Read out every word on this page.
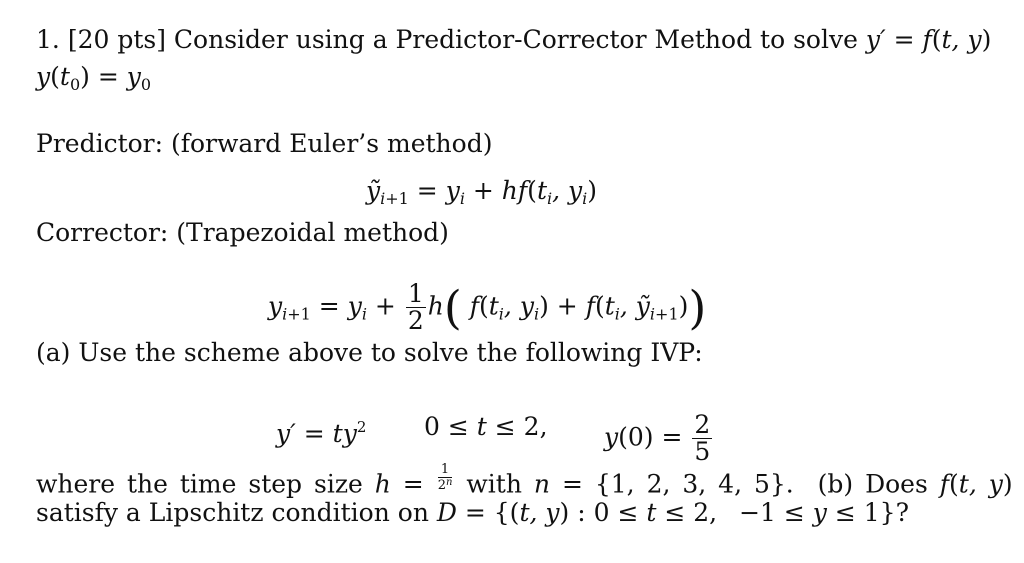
1. [20 pts] Consider using a Predictor-Corrector Method to solve y′ = f(t, y)
$y(t_0) = y_0$
Predictor: (forward Euler’s method)
ỹ$_{i+1}$ = $y_i + hf(t_i$, $y_i$)
Corrector: (Trapezoidal method)
$y_{i+1} = y_i + \frac{1}{2} h$( $f(t_i$, $y_i) + f(t_i$, ỹ$_{i+1}$))
(a) Use the scheme above to solve the following IVP:
$y' = ty^2$ 0 ≤ t ≤ 2, $y(0) = \frac{2}{5}$
where the time step size $h = \frac{1}{2^n}$ with n = {1, 2, 3, 4, 5}.  (b) Does f(t, y)
satisfy a Lipschitz condition on D = {(t, y) : 0 ≤ t ≤ 2, −1 ≤ y ≤ 1}?
